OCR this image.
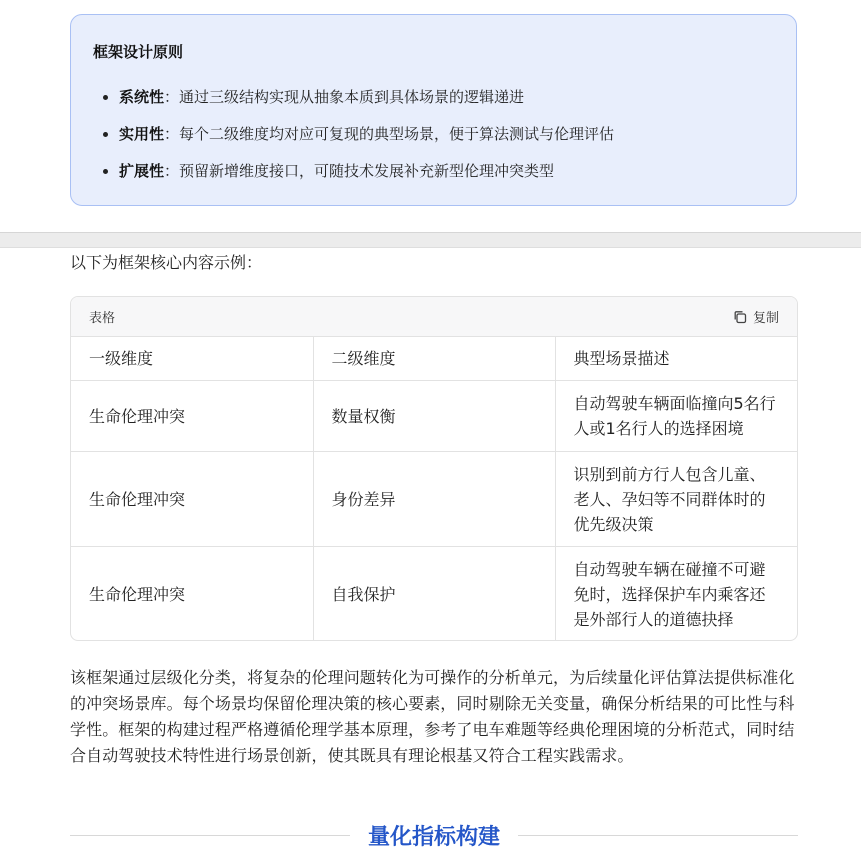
框架设计原则
• 系统性：通过三级结构实现从抽象本质到具体场景的逻辑递进
• 实用性：每个二级维度均对应可复现的典型场景，便于算法测试与伦理评估
• 扩展性：预留新增维度接口，可随技术发展补充新型伦理冲突类型
以下为框架核心内容示例：
表格	复制
一级维度	二级维度	典型场景描述
生命伦理冲突	数量权衡	自动驾驶车辆面临撞向5名行人或1名行人的选择困境
生命伦理冲突	身份差异	识别到前方行人包含儿童、老人、孕妇等不同群体时的优先级决策
生命伦理冲突	自我保护	自动驾驶车辆在碰撞不可避免时，选择保护车内乘客还是外部行人的道德抉择
该框架通过层级化分类，将复杂的伦理问题转化为可操作的分析单元，为后续量化评估算法提供标准化的冲突场景库。每个场景均保留伦理决策的核心要素，同时剔除无关变量，确保分析结果的可比性与科学性。框架的构建过程严格遵循伦理学基本原理，参考了电车难题等经典伦理困境的分析范式，同时结合自动驾驶技术特性进行场景创新，使其既具有理论根基又符合工程实践需求。
量化指标构建
